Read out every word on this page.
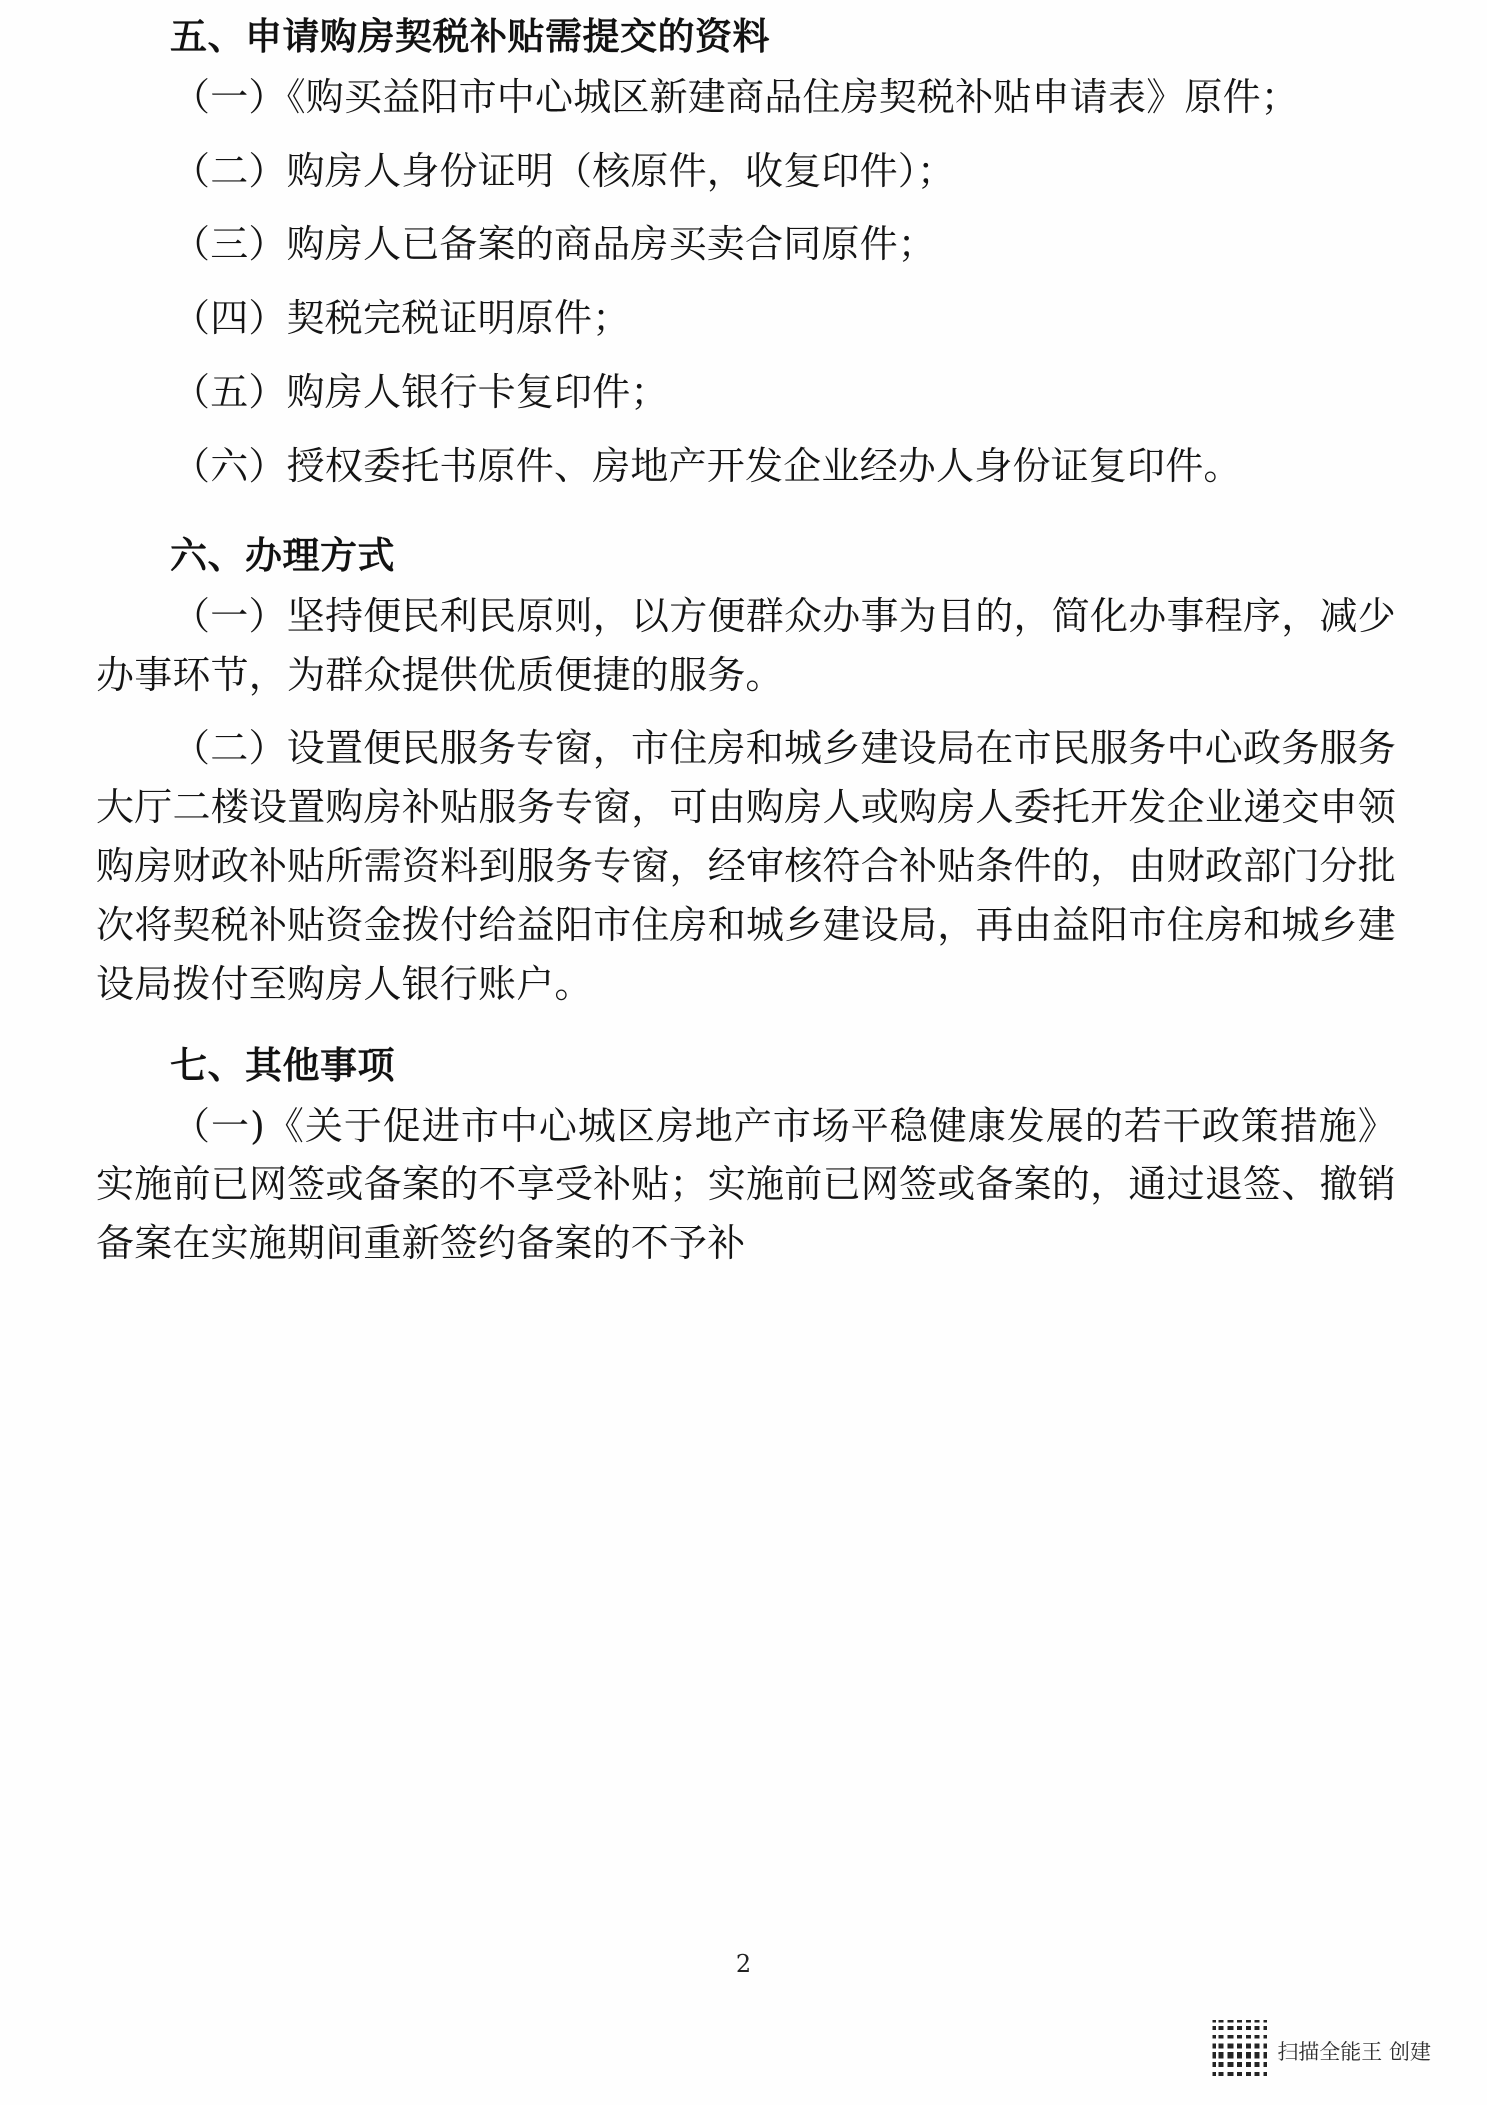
五、申请购房契税补贴需提交的资料
（一）《购买益阳市中心城区新建商品住房契税补贴申请表》原件；
（二）购房人身份证明（核原件，收复印件）；
（三）购房人已备案的商品房买卖合同原件；
（四）契税完税证明原件；
（五）购房人银行卡复印件；
（六）授权委托书原件、房地产开发企业经办人身份证复印件。
六、办理方式
（一）坚持便民利民原则，以方便群众办事为目的，简化办事程序，减少办事环节，为群众提供优质便捷的服务。
（二）设置便民服务专窗，市住房和城乡建设局在市民服务中心政务服务大厅二楼设置购房补贴服务专窗，可由购房人或购房人委托开发企业递交申领购房财政补贴所需资料到服务专窗，经审核符合补贴条件的，由财政部门分批次将契税补贴资金拨付给益阳市住房和城乡建设局，再由益阳市住房和城乡建设局拨付至购房人银行账户。
七、其他事项
（一)《关于促进市中心城区房地产市场平稳健康发展的若干政策措施》实施前已网签或备案的不享受补贴；实施前已网签或备案的，通过退签、撤销备案在实施期间重新签约备案的不予补
2
扫描全能王 创建
